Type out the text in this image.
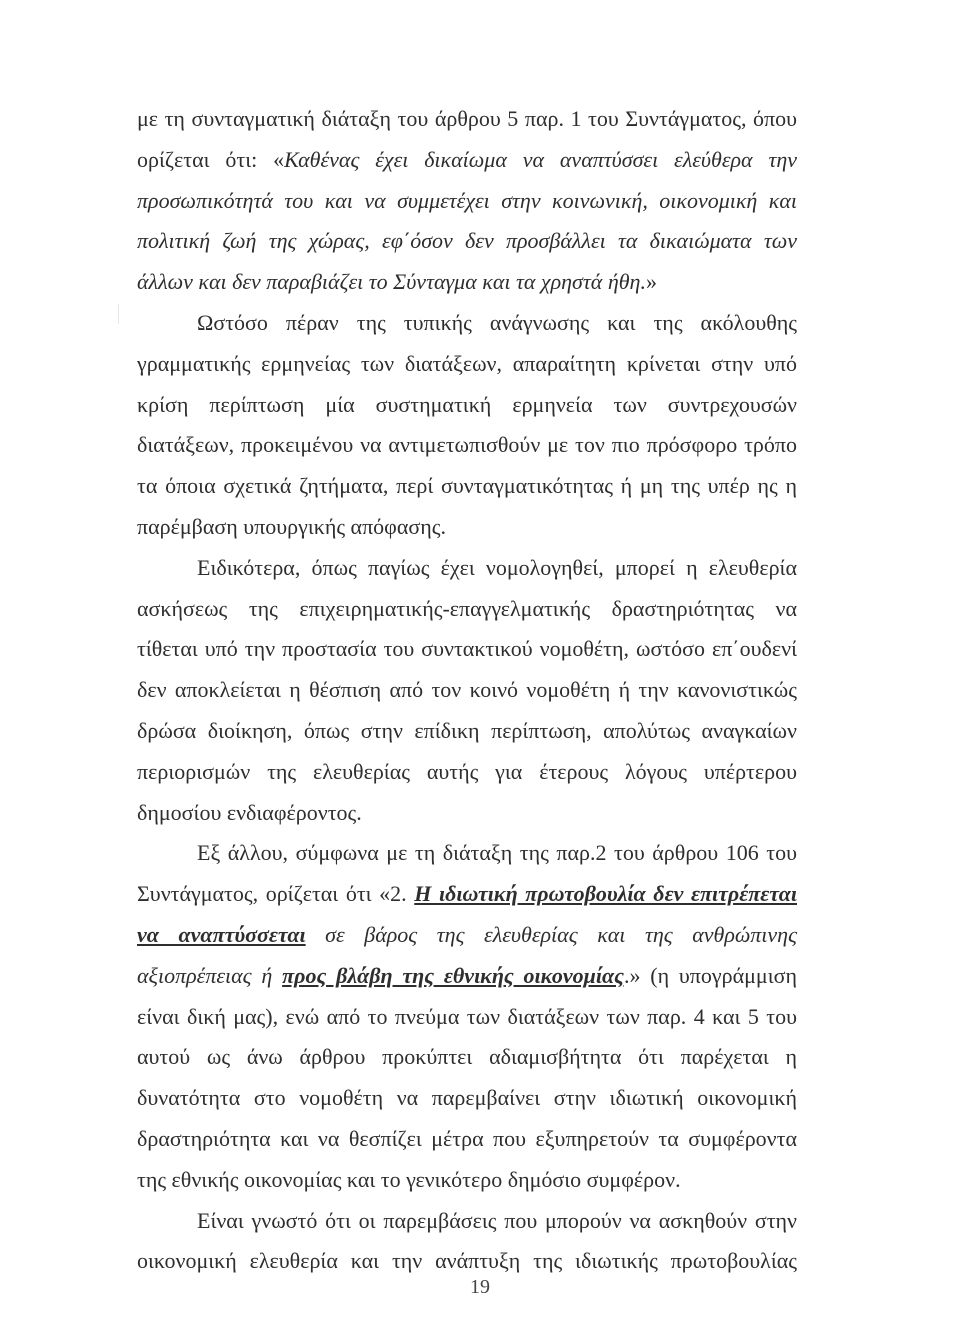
με τη συνταγματική διάταξη του άρθρου 5 παρ. 1 του Συντάγματος, όπου
ορίζεται ότι: «Καθένας έχει δικαίωμα να αναπτύσσει ελεύθερα την
προσωπικότητά του και να συμμετέχει στην κοινωνική, οικονομική και
πολιτική ζωή της χώρας, εφ΄όσον δεν προσβάλλει τα δικαιώματα των
άλλων και δεν παραβιάζει το Σύνταγμα και τα χρηστά ήθη.»
Ωστόσο πέραν της τυπικής ανάγνωσης και της ακόλουθης
γραμματικής ερμηνείας των διατάξεων, απαραίτητη κρίνεται στην υπό
κρίση περίπτωση μία συστηματική ερμηνεία των συντρεχουσών
διατάξεων, προκειμένου να αντιμετωπισθούν με τον πιο πρόσφορο τρόπο
τα όποια σχετικά ζητήματα, περί συνταγματικότητας ή μη της υπέρ ης η
παρέμβαση υπουργικής απόφασης.
Ειδικότερα, όπως παγίως έχει νομολογηθεί, μπορεί η ελευθερία
ασκήσεως της επιχειρηματικής-επαγγελματικής δραστηριότητας να
τίθεται υπό την προστασία του συντακτικού νομοθέτη, ωστόσο επ΄ουδενί
δεν αποκλείεται η θέσπιση από τον κοινό νομοθέτη ή την κανονιστικώς
δρώσα διοίκηση, όπως στην επίδικη περίπτωση, απολύτως αναγκαίων
περιορισμών της ελευθερίας αυτής για έτερους λόγους υπέρτερου
δημοσίου ενδιαφέροντος.
Εξ άλλου, σύμφωνα με τη διάταξη της παρ.2 του άρθρου 106 του
Συντάγματος, ορίζεται ότι «2. Η ιδιωτική πρωτοβουλία δεν επιτρέπεται
να αναπτύσσεται σε βάρος της ελευθερίας και της ανθρώπινης
αξιοπρέπειας ή προς βλάβη της εθνικής οικονομίας.» (η υπογράμμιση
είναι δική μας), ενώ από το πνεύμα των διατάξεων των παρ. 4 και 5 του
αυτού ως άνω άρθρου προκύπτει αδιαμισβήτητα ότι παρέχεται η
δυνατότητα στο νομοθέτη να παρεμβαίνει στην ιδιωτική οικονομική
δραστηριότητα και να θεσπίζει μέτρα που εξυπηρετούν τα συμφέροντα
της εθνικής οικονομίας και το γενικότερο δημόσιο συμφέρον.
Είναι γνωστό ότι οι παρεμβάσεις που μπορούν να ασκηθούν στην
οικονομική ελευθερία και την ανάπτυξη της ιδιωτικής πρωτοβουλίας
19
